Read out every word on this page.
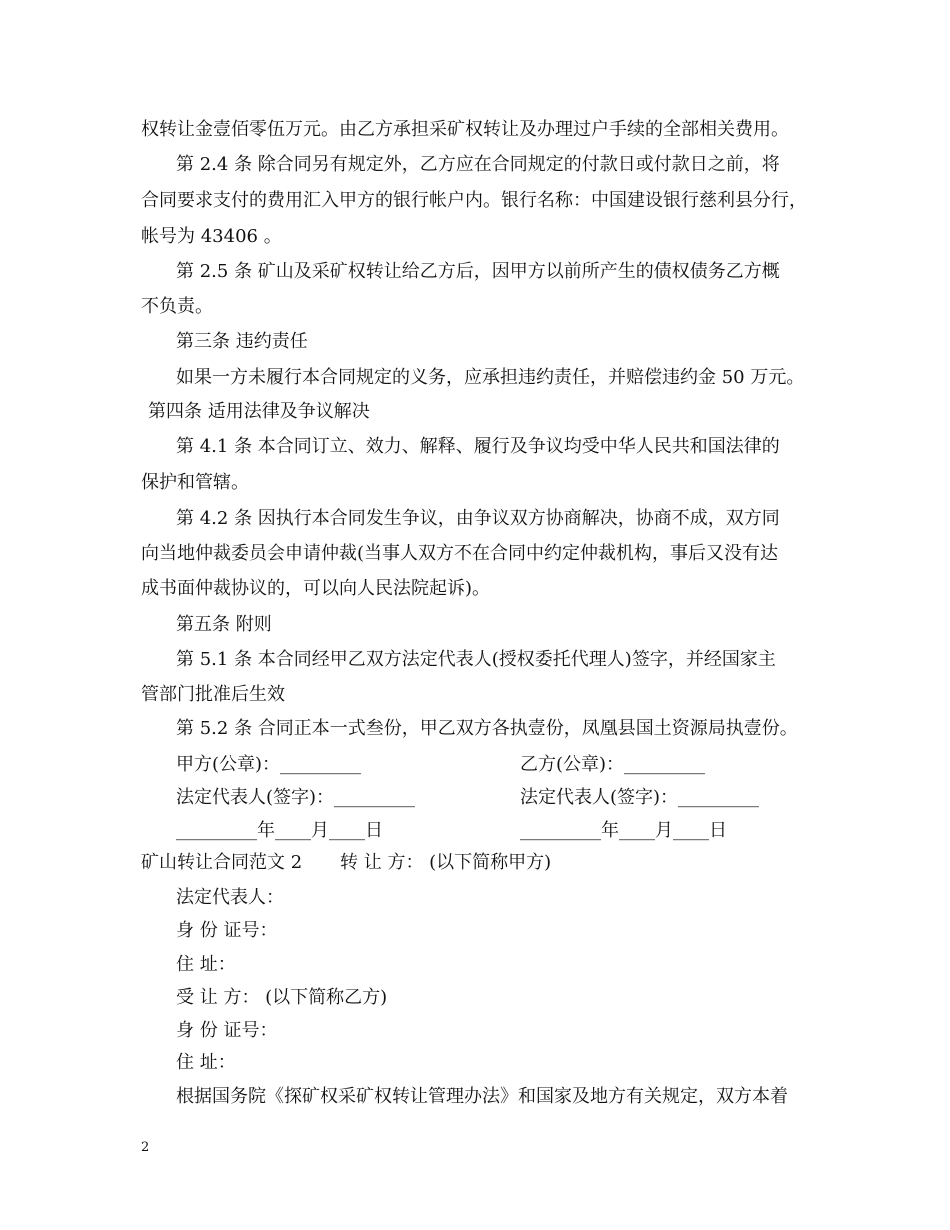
权转让金壹佰零伍万元。由乙方承担采矿权转让及办理过户手续的全部相关费用。
第 2.4 条 除合同另有规定外，乙方应在合同规定的付款日或付款日之前，将
合同要求支付的费用汇入甲方的银行帐户内。银行名称：中国建设银行慈利县分行，
帐号为 43406 。
第 2.5 条 矿山及采矿权转让给乙方后，因甲方以前所产生的债权债务乙方概
不负责。
第三条 违约责任
如果一方未履行本合同规定的义务，应承担违约责任，并赔偿违约金 50 万元。
第四条 适用法律及争议解决
第 4.1 条 本合同订立、效力、解释、履行及争议均受中华人民共和国法律的
保护和管辖。
第 4.2 条 因执行本合同发生争议，由争议双方协商解决，协商不成，双方同
向当地仲裁委员会申请仲裁(当事人双方不在合同中约定仲裁机构，事后又没有达
成书面仲裁协议的，可以向人民法院起诉)。
第五条 附则
第 5.1 条 本合同经甲乙双方法定代表人(授权委托代理人)签字，并经国家主
管部门批准后生效
第 5.2 条 合同正本一式叁份，甲乙双方各执壹份，凤凰县国土资源局执壹份。
甲方(公章)：_________	乙方(公章)：_________
法定代表人(签字)：_________	法定代表人(签字)：_________
_________年____月____日	_________年____月____日
矿山转让合同范文 2 转 让 方： (以下简称甲方)
法定代表人：
身 份 证号：
住 址：
受 让 方： (以下简称乙方)
身 份 证号：
住 址：
根据国务院《探矿权采矿权转让管理办法》和国家及地方有关规定，双方本着
2
